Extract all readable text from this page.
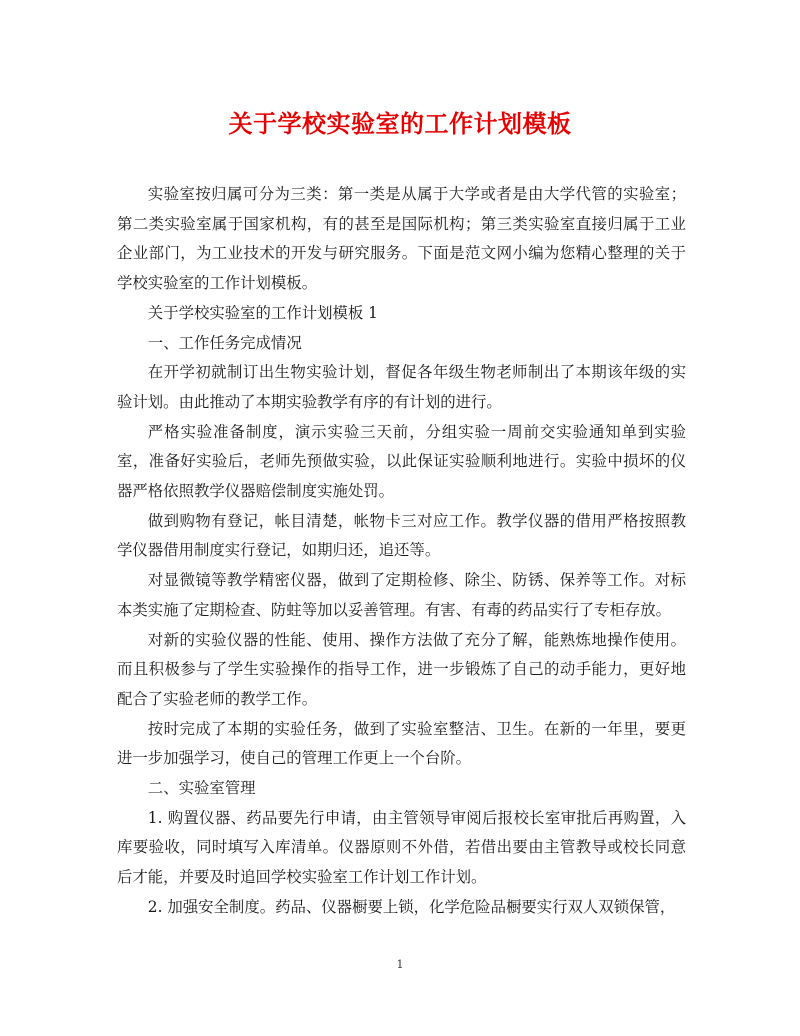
关于学校实验室的工作计划模板

实验室按归属可分为三类：第一类是从属于大学或者是由大学代管的实验室；第二类实验室属于国家机构，有的甚至是国际机构；第三类实验室直接归属于工业企业部门，为工业技术的开发与研究服务。下面是范文网小编为您精心整理的关于学校实验室的工作计划模板。

关于学校实验室的工作计划模板 1

一、工作任务完成情况

在开学初就制订出生物实验计划，督促各年级生物老师制出了本期该年级的实验计划。由此推动了本期实验教学有序的有计划的进行。

严格实验准备制度，演示实验三天前，分组实验一周前交实验通知单到实验室，准备好实验后，老师先预做实验，以此保证实验顺利地进行。实验中损坏的仪器严格依照教学仪器赔偿制度实施处罚。

做到购物有登记，帐目清楚，帐物卡三对应工作。教学仪器的借用严格按照教学仪器借用制度实行登记，如期归还，追还等。

对显微镜等教学精密仪器，做到了定期检修、除尘、防锈、保养等工作。对标本类实施了定期检查、防蛀等加以妥善管理。有害、有毒的药品实行了专柜存放。

对新的实验仪器的性能、使用、操作方法做了充分了解，能熟炼地操作使用。而且积极参与了学生实验操作的指导工作，进一步锻炼了自己的动手能力，更好地配合了实验老师的教学工作。

按时完成了本期的实验任务，做到了实验室整洁、卫生。在新的一年里，要更进一步加强学习，使自己的管理工作更上一个台阶。

二、实验室管理

1. 购置仪器、药品要先行申请，由主管领导审阅后报校长室审批后再购置，入库要验收，同时填写入库清单。仪器原则不外借，若借出要由主管教导或校长同意后才能，并要及时追回学校实验室工作计划工作计划。

2. 加强安全制度。药品、仪器橱要上锁，化学危险品橱要实行双人双锁保管，

1
